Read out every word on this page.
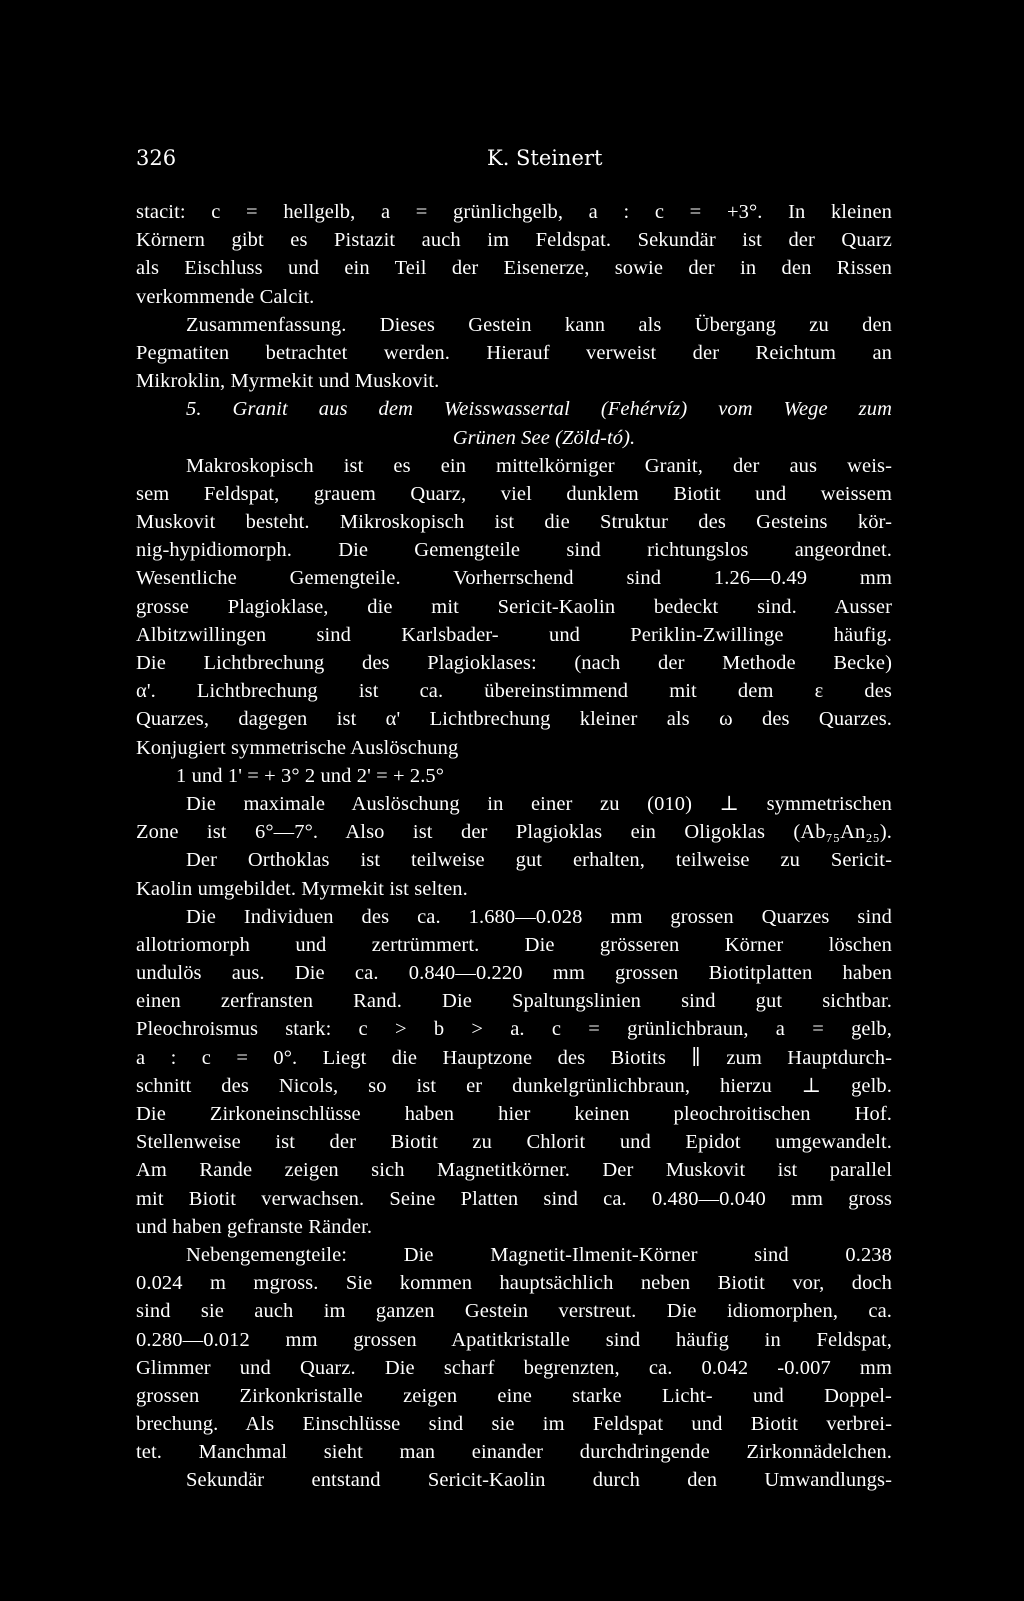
326	K. Steinert
stacit: c = hellgelb, a = grünlichgelb, a : c = +3°. In kleinen
Körnern gibt es Pistazit auch im Feldspat. Sekundär ist der Quarz
als Eischluss und ein Teil der Eisenerze, sowie der in den Rissen
verkommende Calcit.
Zusammenfassung. Dieses Gestein kann als Übergang zu den
Pegmatiten betrachtet werden. Hierauf verweist der Reichtum an
Mikroklin, Myrmekit und Muskovit.
5. Granit aus dem Weisswassertal (Fehérvíz) vom Wege zum
Grünen See (Zöld-tó).
Makroskopisch ist es ein mittelkörniger Granit, der aus weis-
sem Feldspat, grauem Quarz, viel dunklem Biotit und weissem
Muskovit besteht. Mikroskopisch ist die Struktur des Gesteins kör-
nig-hypidiomorph. Die Gemengteile sind richtungslos angeordnet.
Wesentliche Gemengteile. Vorherrschend sind 1.26—0.49 mm
grosse Plagioklase, die mit Sericit-Kaolin bedeckt sind. Ausser
Albitzwillingen sind Karlsbader- und Periklin-Zwillinge häufig.
Die Lichtbrechung des Plagioklases: (nach der Methode Becke)
α'. Lichtbrechung ist ca. übereinstimmend mit dem ε des
Quarzes, dagegen ist α' Lichtbrechung kleiner als ω des Quarzes.
Konjugiert symmetrische Auslöschung
1 und 1' = + 3° 2 und 2' = + 2.5°
Die maximale Auslöschung in einer zu (010) ⊥ symmetrischen
Zone ist 6°—7°. Also ist der Plagioklas ein Oligoklas (Ab₇₅An₂₅).
Der Orthoklas ist teilweise gut erhalten, teilweise zu Sericit-
Kaolin umgebildet. Myrmekit ist selten.
Die Individuen des ca. 1.680—0.028 mm grossen Quarzes sind
allotriomorph und zertrümmert. Die grösseren Körner löschen
undulös aus. Die ca. 0.840—0.220 mm grossen Biotitplatten haben
einen zerfransten Rand. Die Spaltungslinien sind gut sichtbar.
Pleochroismus stark: c > b > a. c = grünlichbraun, a = gelb,
a : c = 0°. Liegt die Hauptzone des Biotits ∥ zum Hauptdurch-
schnitt des Nicols, so ist er dunkelgrünlichbraun, hierzu ⊥ gelb.
Die Zirkoneinschlüsse haben hier keinen pleochroitischen Hof.
Stellenweise ist der Biotit zu Chlorit und Epidot umgewandelt.
Am Rande zeigen sich Magnetitkörner. Der Muskovit ist parallel
mit Biotit verwachsen. Seine Platten sind ca. 0.480—0.040 mm gross
und haben gefranste Ränder.
Nebengemengteile: Die Magnetit-Ilmenit-Körner sind 0.238
0.024 m mgross. Sie kommen hauptsächlich neben Biotit vor, doch
sind sie auch im ganzen Gestein verstreut. Die idiomorphen, ca.
0.280—0.012 mm grossen Apatitkristalle sind häufig in Feldspat,
Glimmer und Quarz. Die scharf begrenzten, ca. 0.042 -0.007 mm
grossen Zirkonkristalle zeigen eine starke Licht- und Doppel-
brechung. Als Einschlüsse sind sie im Feldspat und Biotit verbrei-
tet. Manchmal sieht man einander durchdringende Zirkonnädelchen.
Sekundär entstand Sericit-Kaolin durch den Umwandlungs-
